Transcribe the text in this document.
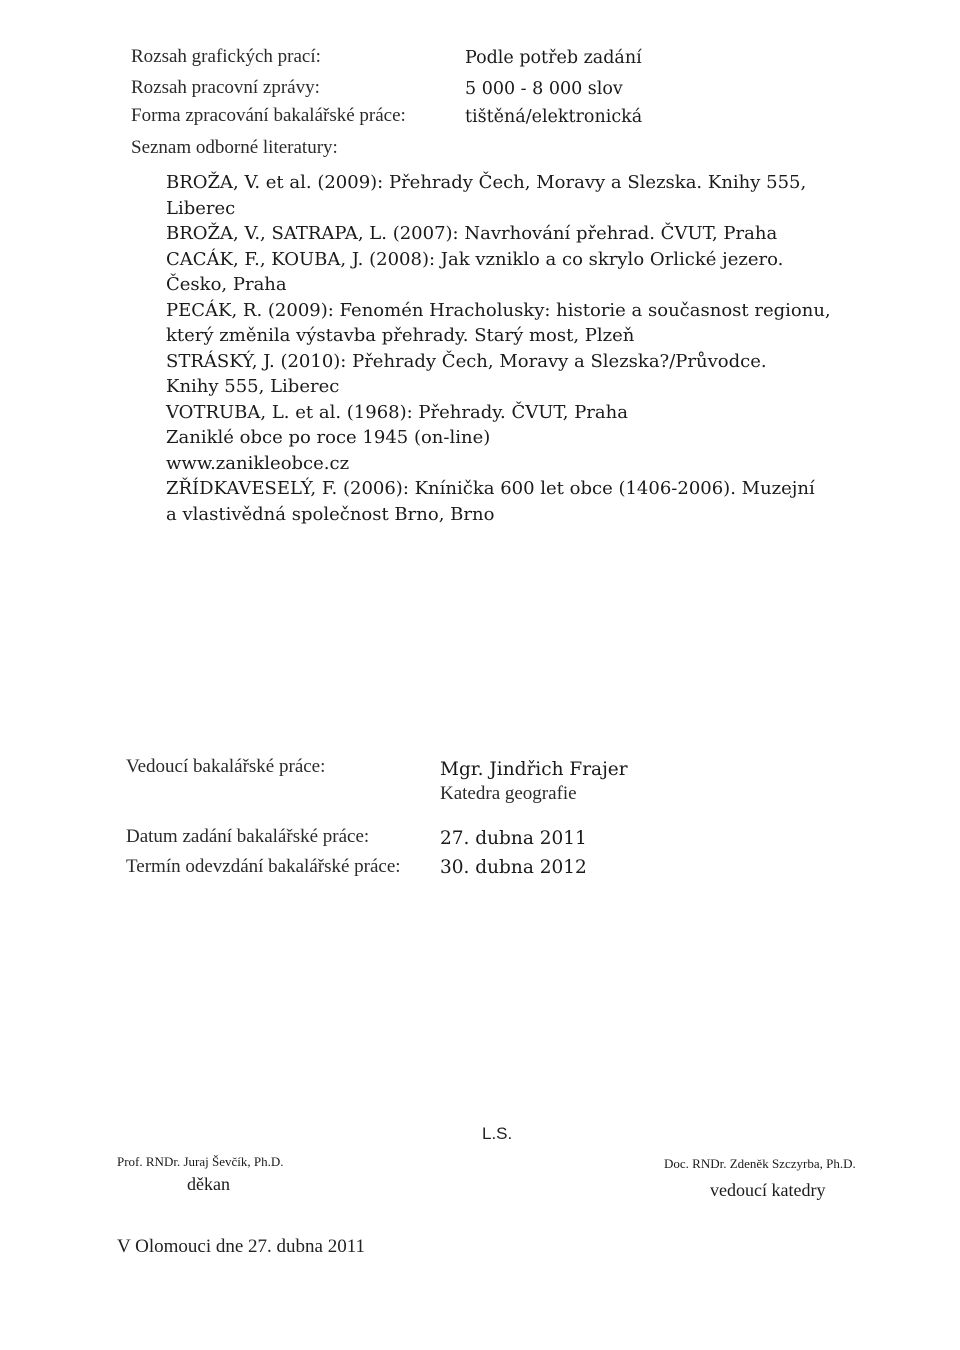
Rozsah grafických prací:	Podle potřeb zadání
Rozsah pracovní zprávy:	5 000 - 8 000 slov
Forma zpracování bakalářské práce:	tištěná/elektronická
Seznam odborné literatury:
BROŽA, V. et al. (2009): Přehrady Čech, Moravy a Slezska. Knihy 555,
Liberec
BROŽA, V., SATRAPA, L. (2007): Navrhování přehrad. ČVUT, Praha
CACÁK, F., KOUBA, J. (2008): Jak vzniklo a co skrylo Orlické jezero.
Česko, Praha
PECÁK, R. (2009): Fenomén Hracholusky: historie a současnost regionu,
který změnila výstavba přehrady. Starý most, Plzeň
STRÁSKÝ, J. (2010): Přehrady Čech, Moravy a Slezska?/Průvodce.
Knihy 555, Liberec
VOTRUBA, L. et al. (1968): Přehrady. ČVUT, Praha
Zaniklé obce po roce 1945 (on-line)
www.zanikleobce.cz
ZŘÍDKAVESELÝ, F. (2006): Knínička 600 let obce (1406-2006). Muzejní
a vlastivědná společnost Brno, Brno
Vedoucí bakalářské práce:	Mgr. Jindřich Frajer
Katedra geografie
Datum zadání bakalářské práce:	27. dubna 2011
Termín odevzdání bakalářské práce: 30. dubna 2012
L.S.
Prof. RNDr. Juraj Ševčík, Ph.D.
děkan
Doc. RNDr. Zdeněk Szczyrba, Ph.D.
vedoucí katedry
V Olomouci dne 27. dubna 2011
